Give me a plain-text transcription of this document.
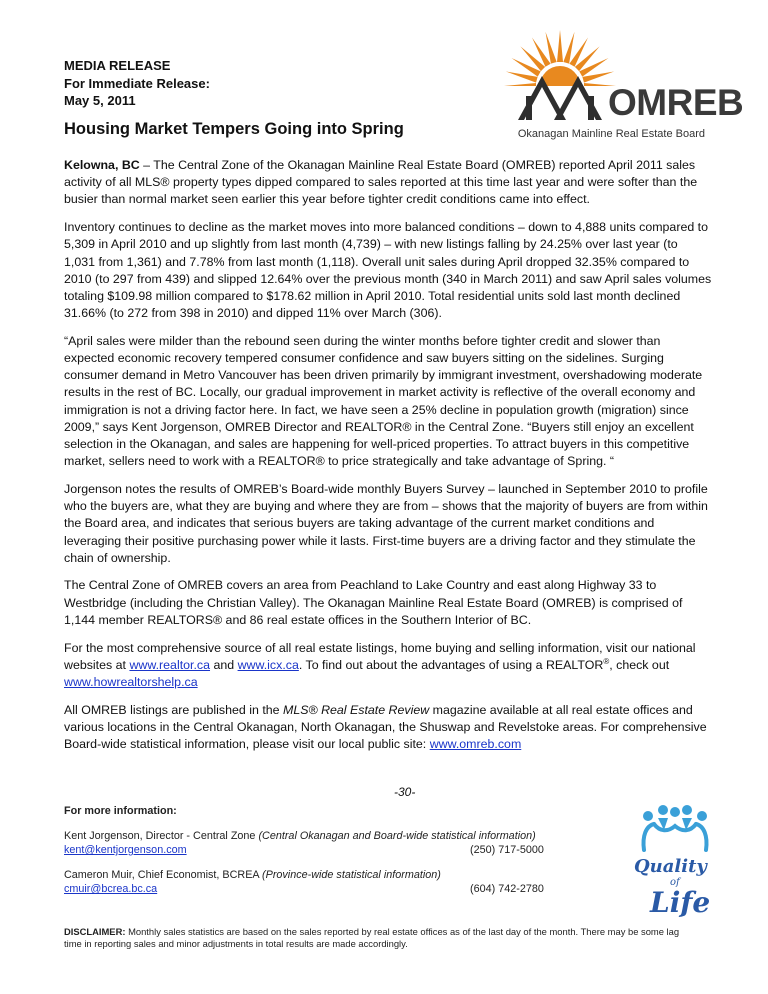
MEDIA RELEASE
For Immediate Release:
May 5, 2011
Housing Market Tempers Going into Spring
OMREB
Okanagan Mainline Real Estate Board

Kelowna, BC – The Central Zone of the Okanagan Mainline Real Estate Board (OMREB) reported April 2011 sales activity of all MLS® property types dipped compared to sales reported at this time last year and were softer than the busier than normal market seen earlier this year before tighter credit conditions came into effect.

Inventory continues to decline as the market moves into more balanced conditions – down to 4,888 units compared to 5,309 in April 2010 and up slightly from last month (4,739) – with new listings falling by 24.25% over last year (to 1,031 from 1,361) and 7.78% from last month (1,118). Overall unit sales during April dropped 32.35% compared to 2010 (to 297 from 439) and slipped 12.64% over the previous month (340 in March 2011) and saw April sales volumes totaling $109.98 million compared to $178.62 million in April 2010. Total residential units sold last month declined 31.66% (to 272 from 398 in 2010) and dipped 11% over March (306).

“April sales were milder than the rebound seen during the winter months before tighter credit and slower than expected economic recovery tempered consumer confidence and saw buyers sitting on the sidelines. Surging consumer demand in Metro Vancouver has been driven primarily by immigrant investment, overshadowing moderate results in the rest of BC. Locally, our gradual improvement in market activity is reflective of the overall economy and immigration is not a driving factor here. In fact, we have seen a 25% decline in population growth (migration) since 2009,” says Kent Jorgenson, OMREB Director and REALTOR® in the Central Zone. “Buyers still enjoy an excellent selection in the Okanagan, and sales are happening for well-priced properties. To attract buyers in this competitive market, sellers need to work with a REALTOR® to price strategically and take advantage of Spring. “

Jorgenson notes the results of OMREB’s Board-wide monthly Buyers Survey – launched in September 2010 to profile who the buyers are, what they are buying and where they are from – shows that the majority of buyers are from within the Board area, and indicates that serious buyers are taking advantage of the current market conditions and leveraging their positive purchasing power while it lasts. First-time buyers are a driving factor and they stimulate the chain of ownership.

The Central Zone of OMREB covers an area from Peachland to Lake Country and east along Highway 33 to Westbridge (including the Christian Valley). The Okanagan Mainline Real Estate Board (OMREB) is comprised of 1,144 member REALTORS® and 86 real estate offices in the Southern Interior of BC.

For the most comprehensive source of all real estate listings, home buying and selling information, visit our national websites at www.realtor.ca and www.icx.ca. To find out about the advantages of using a REALTOR®, check out www.howrealtorshelp.ca

All OMREB listings are published in the MLS® Real Estate Review magazine available at all real estate offices and various locations in the Central Okanagan, North Okanagan, the Shuswap and Revelstoke areas. For comprehensive Board-wide statistical information, please visit our local public site: www.omreb.com

-30-
For more information:
Kent Jorgenson, Director - Central Zone (Central Okanagan and Board-wide statistical information)
kent@kentjorgenson.com	(250) 717-5000
Cameron Muir, Chief Economist, BCREA (Province-wide statistical information)
cmuir@bcrea.bc.ca	(604) 742-2780
DISCLAIMER: Monthly sales statistics are based on the sales reported by real estate offices as of the last day of the month. There may be some lag time in reporting sales and minor adjustments in total results are made accordingly.
Quality
of
Life
